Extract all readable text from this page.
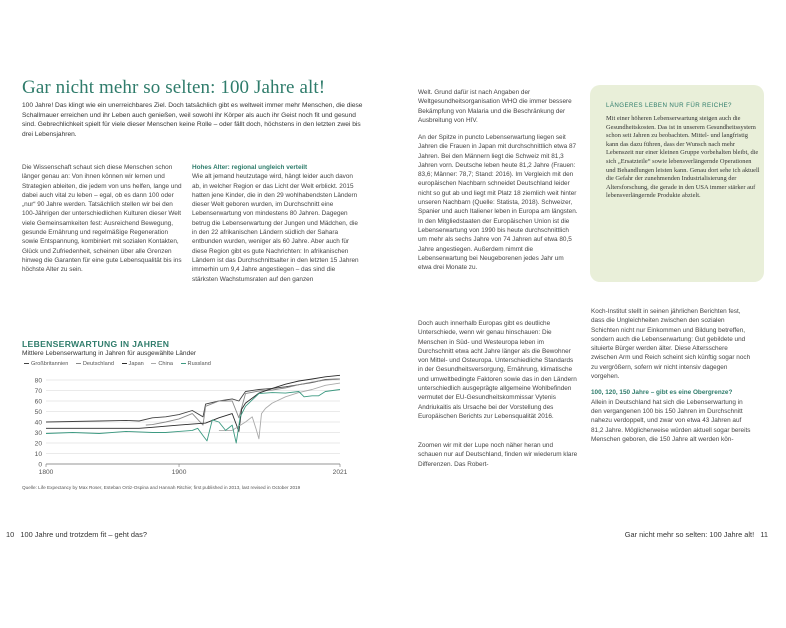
Gar nicht mehr so selten: 100 Jahre alt!
100 Jahre! Das klingt wie ein unerreichbares Ziel. Doch tatsächlich gibt es weltweit immer mehr Menschen, die diese Schallmauer erreichen und ihr Leben auch genießen, weil sowohl ihr Körper als auch ihr Geist noch fit und gesund sind. Gebrechlichkeit spielt für viele dieser Menschen keine Rolle – oder fällt doch, höchstens in den letzten zwei bis drei Lebensjahren.
Die Wissenschaft schaut sich diese Menschen schon länger genau an: Von ihnen können wir lernen und Strategien ableiten, die jedem von uns helfen, lange und dabei auch vital zu leben – egal, ob es dann 100 oder „nur“ 90 Jahre werden. Tatsächlich stellen wir bei den 100-Jährigen der unterschiedlichen Kulturen dieser Welt viele Gemeinsamkeiten fest: Ausreichend Bewegung, gesunde Ernährung und regelmäßige Regeneration sowie Entspannung, kombiniert mit sozialen Kontakten, Glück und Zufriedenheit, scheinen über alle Grenzen hinweg die Garanten für eine gute Lebensqualität bis ins höchste Alter zu sein.
Hohes Alter: regional ungleich verteilt
Wie alt jemand heutzutage wird, hängt leider auch davon ab, in welcher Region er das Licht der Welt erblickt. 2015 hatten jene Kinder, die in den 29 wohlhabendsten Ländern dieser Welt geboren wurden, im Durchschnitt eine Lebenserwartung von mindestens 80 Jahren. Dagegen betrug die Lebenserwartung der Jungen und Mädchen, die in den 22 afrikanischen Ländern südlich der Sahara entbunden wurden, weniger als 60 Jahre. Aber auch für diese Region gibt es gute Nachrichten: In afrikanischen Ländern ist das Durchschnittsalter in den letzten 15 Jahren immerhin um 9,4 Jahre angestiegen – das sind die stärksten Wachstumsraten auf den ganzen
LEBENSERWARTUNG IN JAHREN
Mittlere Lebenserwartung in Jahren für ausgewählte Länder
Großbritannien	Deutschland	Japan	China	Russland
0
10
20
30
40
50
60
70
80
1800	1900	2021
Quelle: Life Expectancy by Max Roser, Esteban Ortiz-Ospina and Hannah Ritchie; first published in 2013, last revised in October 2019
10 100 Jahre und trotzdem fit – geht das?
Welt. Grund dafür ist nach Angaben der Weltgesundheitsorganisation WHO die immer bessere Bekämpfung von Malaria und die Beschränkung der Ausbreitung von HIV.
An der Spitze in puncto Lebenserwartung liegen seit Jahren die Frauen in Japan mit durchschnittlich etwa 87 Jahren. Bei den Männern liegt die Schweiz mit 81,3 Jahren vorn. Deutsche leben heute 81,2 Jahre (Frauen: 83,6; Männer: 78,7; Stand: 2016). Im Vergleich mit den europäischen Nachbarn schneidet Deutschland leider nicht so gut ab und liegt mit Platz 18 ziemlich weit hinter unseren Nachbarn (Quelle: Statista, 2018). Schweizer, Spanier und auch Italiener leben in Europa am längsten. In den Mitgliedstaaten der Europäischen Union ist die Lebenserwartung von 1990 bis heute durchschnittlich um mehr als sechs Jahre von 74 Jahren auf etwa 80,5 Jahre angestiegen. Außerdem nimmt die Lebenserwartung bei Neugeborenen jedes Jahr um etwa drei Monate zu.
Doch auch innerhalb Europas gibt es deutliche Unterschiede, wenn wir genau hinschauen: Die Menschen in Süd- und Westeuropa leben im Durchschnitt etwa acht Jahre länger als die Bewohner von Mittel- und Osteuropa. Unterschiedliche Standards in der Gesundheitsversorgung, Ernährung, klimatische und umweltbedingte Faktoren sowie das in den Ländern unterschiedlich ausgeprägte allgemeine Wohlbefinden vermutet der EU-Gesundheitskommissar Vytenis Andriukaitis als Ursache bei der Vorstellung des Europäischen Berichts zur Lebensqualität 2016.
Zoomen wir mit der Lupe noch näher heran und schauen nur auf Deutschland, finden wir wiederum klare Differenzen. Das Robert-
LÄNGERES LEBEN NUR FÜR REICHE?
Mit einer höheren Lebenserwartung steigen auch die Gesundheitskosten. Das ist in unserem Gesundheitssystem schon seit Jahren zu beobachten. Mittel- und langfristig kann das dazu führen, dass der Wunsch nach mehr Lebenszeit nur einer kleinen Gruppe vorbehalten bleibt, die sich „Ersatzteile“ sowie lebensverlängernde Operationen und Behandlungen leisten kann. Genau dort sehe ich aktuell die Gefahr der zunehmenden Industrialisierung der Altersforschung, die gerade in den USA immer stärker auf lebensverlängernde Produkte abzielt.
Koch-Institut stellt in seinen jährlichen Berichten fest, dass die Ungleichheiten zwischen den sozialen Schichten nicht nur Einkommen und Bildung betreffen, sondern auch die Lebenserwartung: Gut gebildete und situierte Bürger werden älter. Diese Altersschere zwischen Arm und Reich scheint sich künftig sogar noch zu vergrößern, sofern wir nicht intensiv dagegen vorgehen.
100, 120, 150 Jahre – gibt es eine Obergrenze?
Allein in Deutschland hat sich die Lebenserwartung in den vergangenen 100 bis 150 Jahren im Durchschnitt nahezu verdoppelt, und zwar von etwa 43 Jahren auf 81,2 Jahre. Möglicherweise würden aktuell sogar bereits Menschen geboren, die 150 Jahre alt werden kön-
Gar nicht mehr so selten: 100 Jahre alt! 11
